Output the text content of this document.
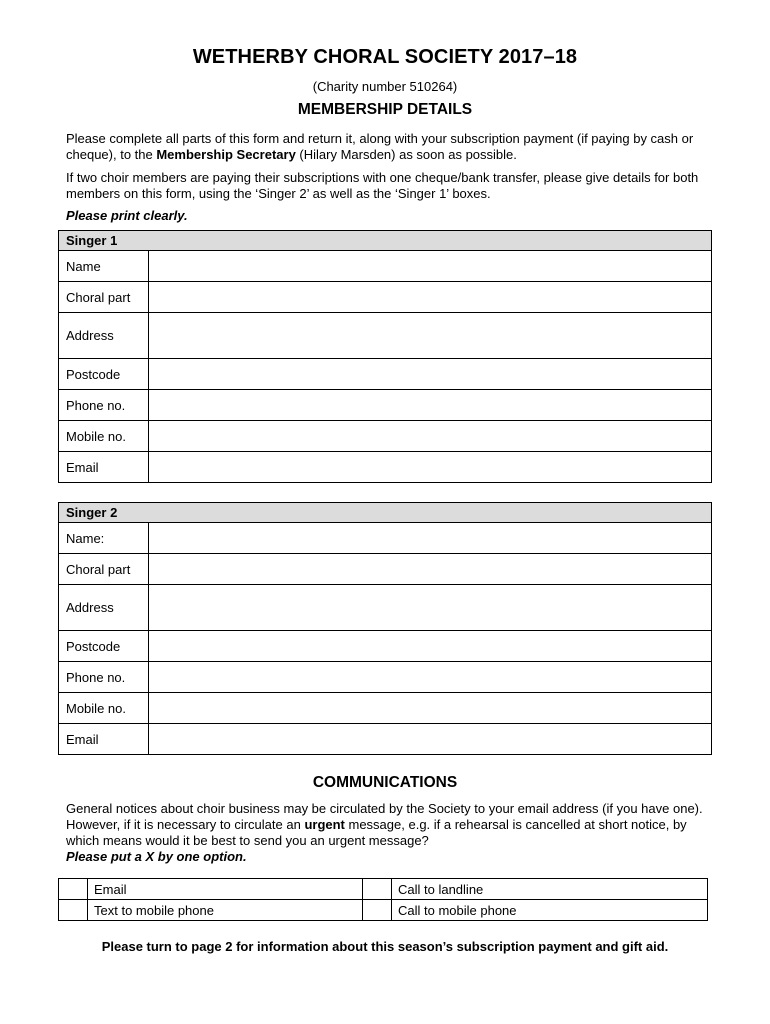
WETHERBY CHORAL SOCIETY 2017–18
(Charity number 510264)
MEMBERSHIP DETAILS
Please complete all parts of this form and return it, along with your subscription payment (if paying by cash or cheque), to the Membership Secretary (Hilary Marsden) as soon as possible.
If two choir members are paying their subscriptions with one cheque/bank transfer, please give details for both members on this form, using the ‘Singer 2’ as well as the ‘Singer 1’ boxes.
Please print clearly.
Singer 1	
Name	
Choral part	
Address	
Postcode	
Phone no.	
Mobile no.	
Email	
Singer 2	
Name:	
Choral part	
Address	
Postcode	
Phone no.	
Mobile no.	
Email	
COMMUNICATIONS
General notices about choir business may be circulated by the Society to your email address (if you have one). However, if it is necessary to circulate an urgent message, e.g. if a rehearsal is cancelled at short notice, by which means would it be best to send you an urgent message?
Please put a X by one option.
	Email		Call to landline
	Text to mobile phone		Call to mobile phone
Please turn to page 2 for information about this season’s subscription payment and gift aid.
